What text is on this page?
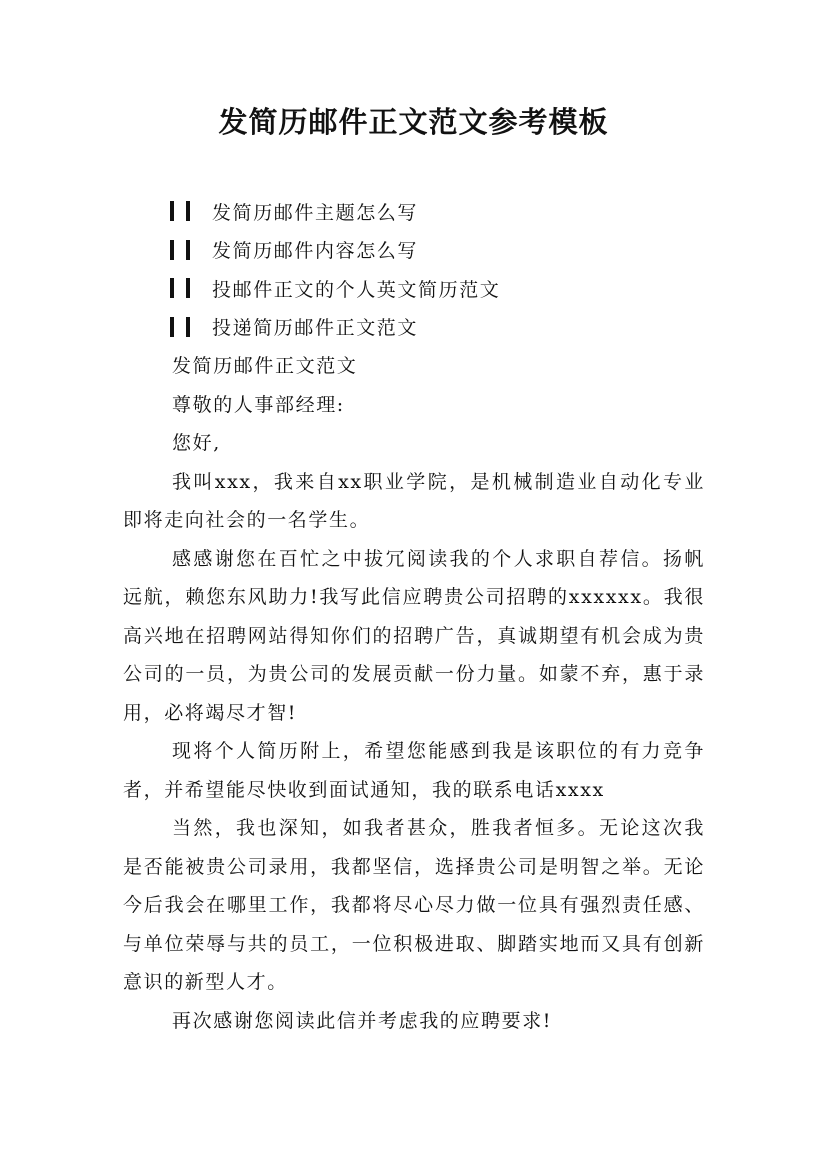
发简历邮件正文范文参考模板
发简历邮件主题怎么写
发简历邮件内容怎么写
投邮件正文的个人英文简历范文
投递简历邮件正文范文

发简历邮件正文范文

尊敬的人事部经理:

您好,

我叫xxx，我来自xx职业学院，是机械制造业自动化专业即将走向社会的一名学生。

感感谢您在百忙之中拔冗阅读我的个人求职自荐信。扬帆远航，赖您东风助力!我写此信应聘贵公司招聘的xxxxxx。我很高兴地在招聘网站得知你们的招聘广告，真诚期望有机会成为贵公司的一员，为贵公司的发展贡献一份力量。如蒙不弃，惠于录用，必将竭尽才智!

现将个人简历附上，希望您能感到我是该职位的有力竞争者，并希望能尽快收到面试通知，我的联系电话xxxx

当然，我也深知，如我者甚众，胜我者恒多。无论这次我是否能被贵公司录用，我都坚信，选择贵公司是明智之举。无论今后我会在哪里工作，我都将尽心尽力做一位具有强烈责任感、与单位荣辱与共的员工，一位积极进取、脚踏实地而又具有创新意识的新型人才。

再次感谢您阅读此信并考虑我的应聘要求!
